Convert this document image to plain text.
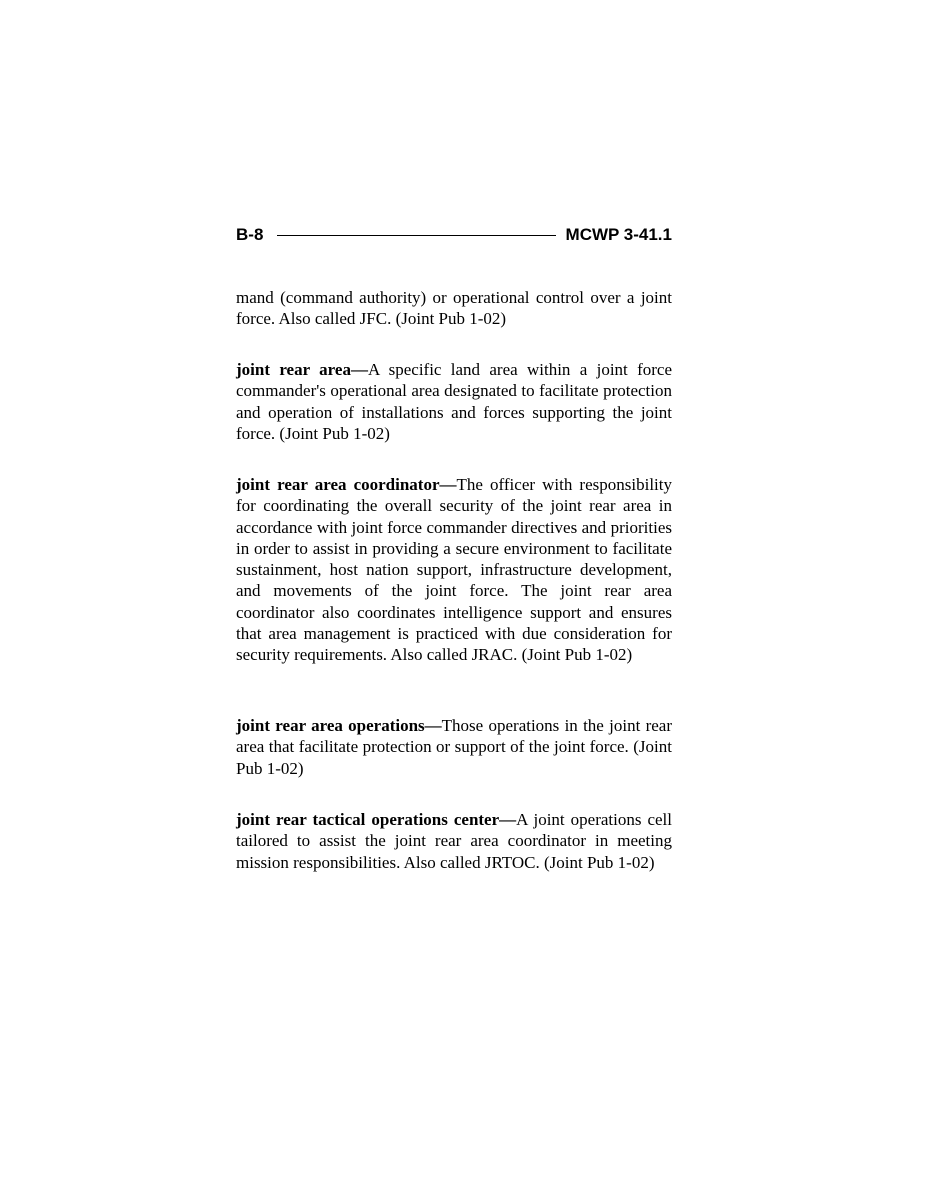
B-8	MCWP 3-41.1

mand (command authority) or operational control over a joint force. Also called JFC. (Joint Pub 1-02)

joint rear area—A specific land area within a joint force commander's operational area designated to facilitate protection and operation of installations and forces supporting the joint force. (Joint Pub 1-02)

joint rear area coordinator—The officer with responsibility for coordinating the overall security of the joint rear area in accordance with joint force commander directives and priorities in order to assist in providing a secure environment to facilitate sustainment, host nation support, infrastructure development, and movements of the joint force. The joint rear area coordinator also coordinates intelligence support and ensures that area management is practiced with due consideration for security requirements. Also called JRAC. (Joint Pub 1-02)

joint rear area operations—Those operations in the joint rear area that facilitate protection or support of the joint force. (Joint Pub 1-02)

joint rear tactical operations center—A joint operations cell tailored to assist the joint rear area coordinator in meeting mission responsibilities. Also called JRTOC. (Joint Pub 1-02)
